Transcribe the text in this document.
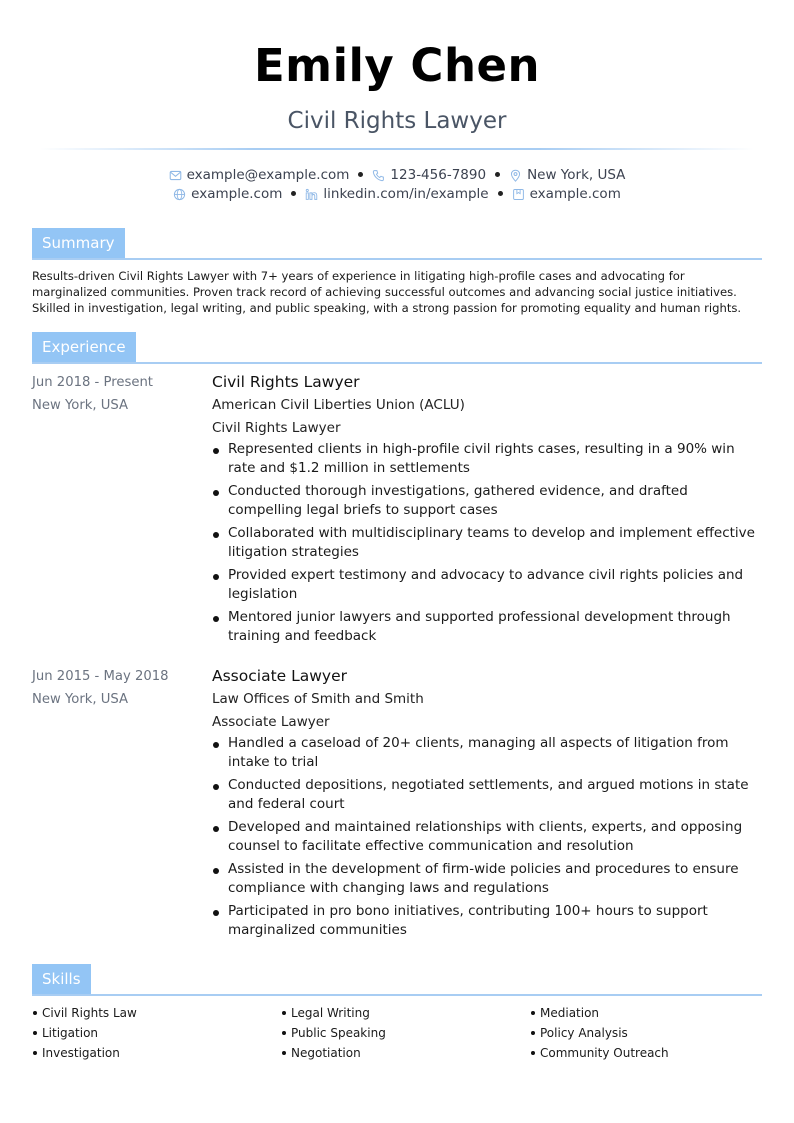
Emily Chen
Civil Rights Lawyer
example@example.com	123-456-7890	New York, USA
example.com	linkedin.com/in/example	example.com
Summary
Results-driven Civil Rights Lawyer with 7+ years of experience in litigating high-profile cases and advocating for marginalized communities. Proven track record of achieving successful outcomes and advancing social justice initiatives. Skilled in investigation, legal writing, and public speaking, with a strong passion for promoting equality and human rights.
Experience
Jun 2018 - Present
New York, USA
Civil Rights Lawyer
American Civil Liberties Union (ACLU)
Civil Rights Lawyer
Represented clients in high-profile civil rights cases, resulting in a 90% win rate and $1.2 million in settlements
Conducted thorough investigations, gathered evidence, and drafted compelling legal briefs to support cases
Collaborated with multidisciplinary teams to develop and implement effective litigation strategies
Provided expert testimony and advocacy to advance civil rights policies and legislation
Mentored junior lawyers and supported professional development through training and feedback
Jun 2015 - May 2018
New York, USA
Associate Lawyer
Law Offices of Smith and Smith
Associate Lawyer
Handled a caseload of 20+ clients, managing all aspects of litigation from intake to trial
Conducted depositions, negotiated settlements, and argued motions in state and federal court
Developed and maintained relationships with clients, experts, and opposing counsel to facilitate effective communication and resolution
Assisted in the development of firm-wide policies and procedures to ensure compliance with changing laws and regulations
Participated in pro bono initiatives, contributing 100+ hours to support marginalized communities
Skills
Civil Rights Law	Legal Writing	Mediation
Litigation	Public Speaking	Policy Analysis
Investigation	Negotiation	Community Outreach
